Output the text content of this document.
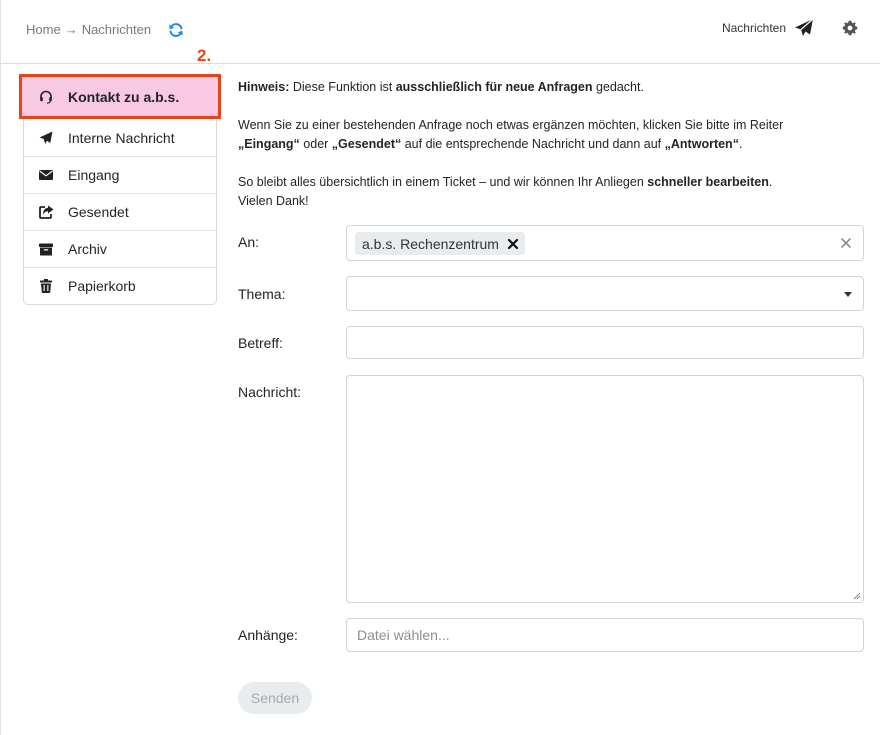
Home → Nachrichten	Nachrichten
2.
Kontakt zu a.b.s.
Interne Nachricht
Eingang
Gesendet
Archiv
Papierkorb

Hinweis: Diese Funktion ist ausschließlich für neue Anfragen gedacht.

Wenn Sie zu einer bestehenden Anfrage noch etwas ergänzen möchten, klicken Sie bitte im Reiter
„Eingang“ oder „Gesendet“ auf die entsprechende Nachricht und dann auf „Antworten“.

So bleibt alles übersichtlich in einem Ticket – und wir können Ihr Anliegen schneller bearbeiten.
Vielen Dank!

An:
Thema:
Betreff:
Nachricht:
Anhänge:
a.b.s. Rechenzentrum
Datei wählen...
Senden
